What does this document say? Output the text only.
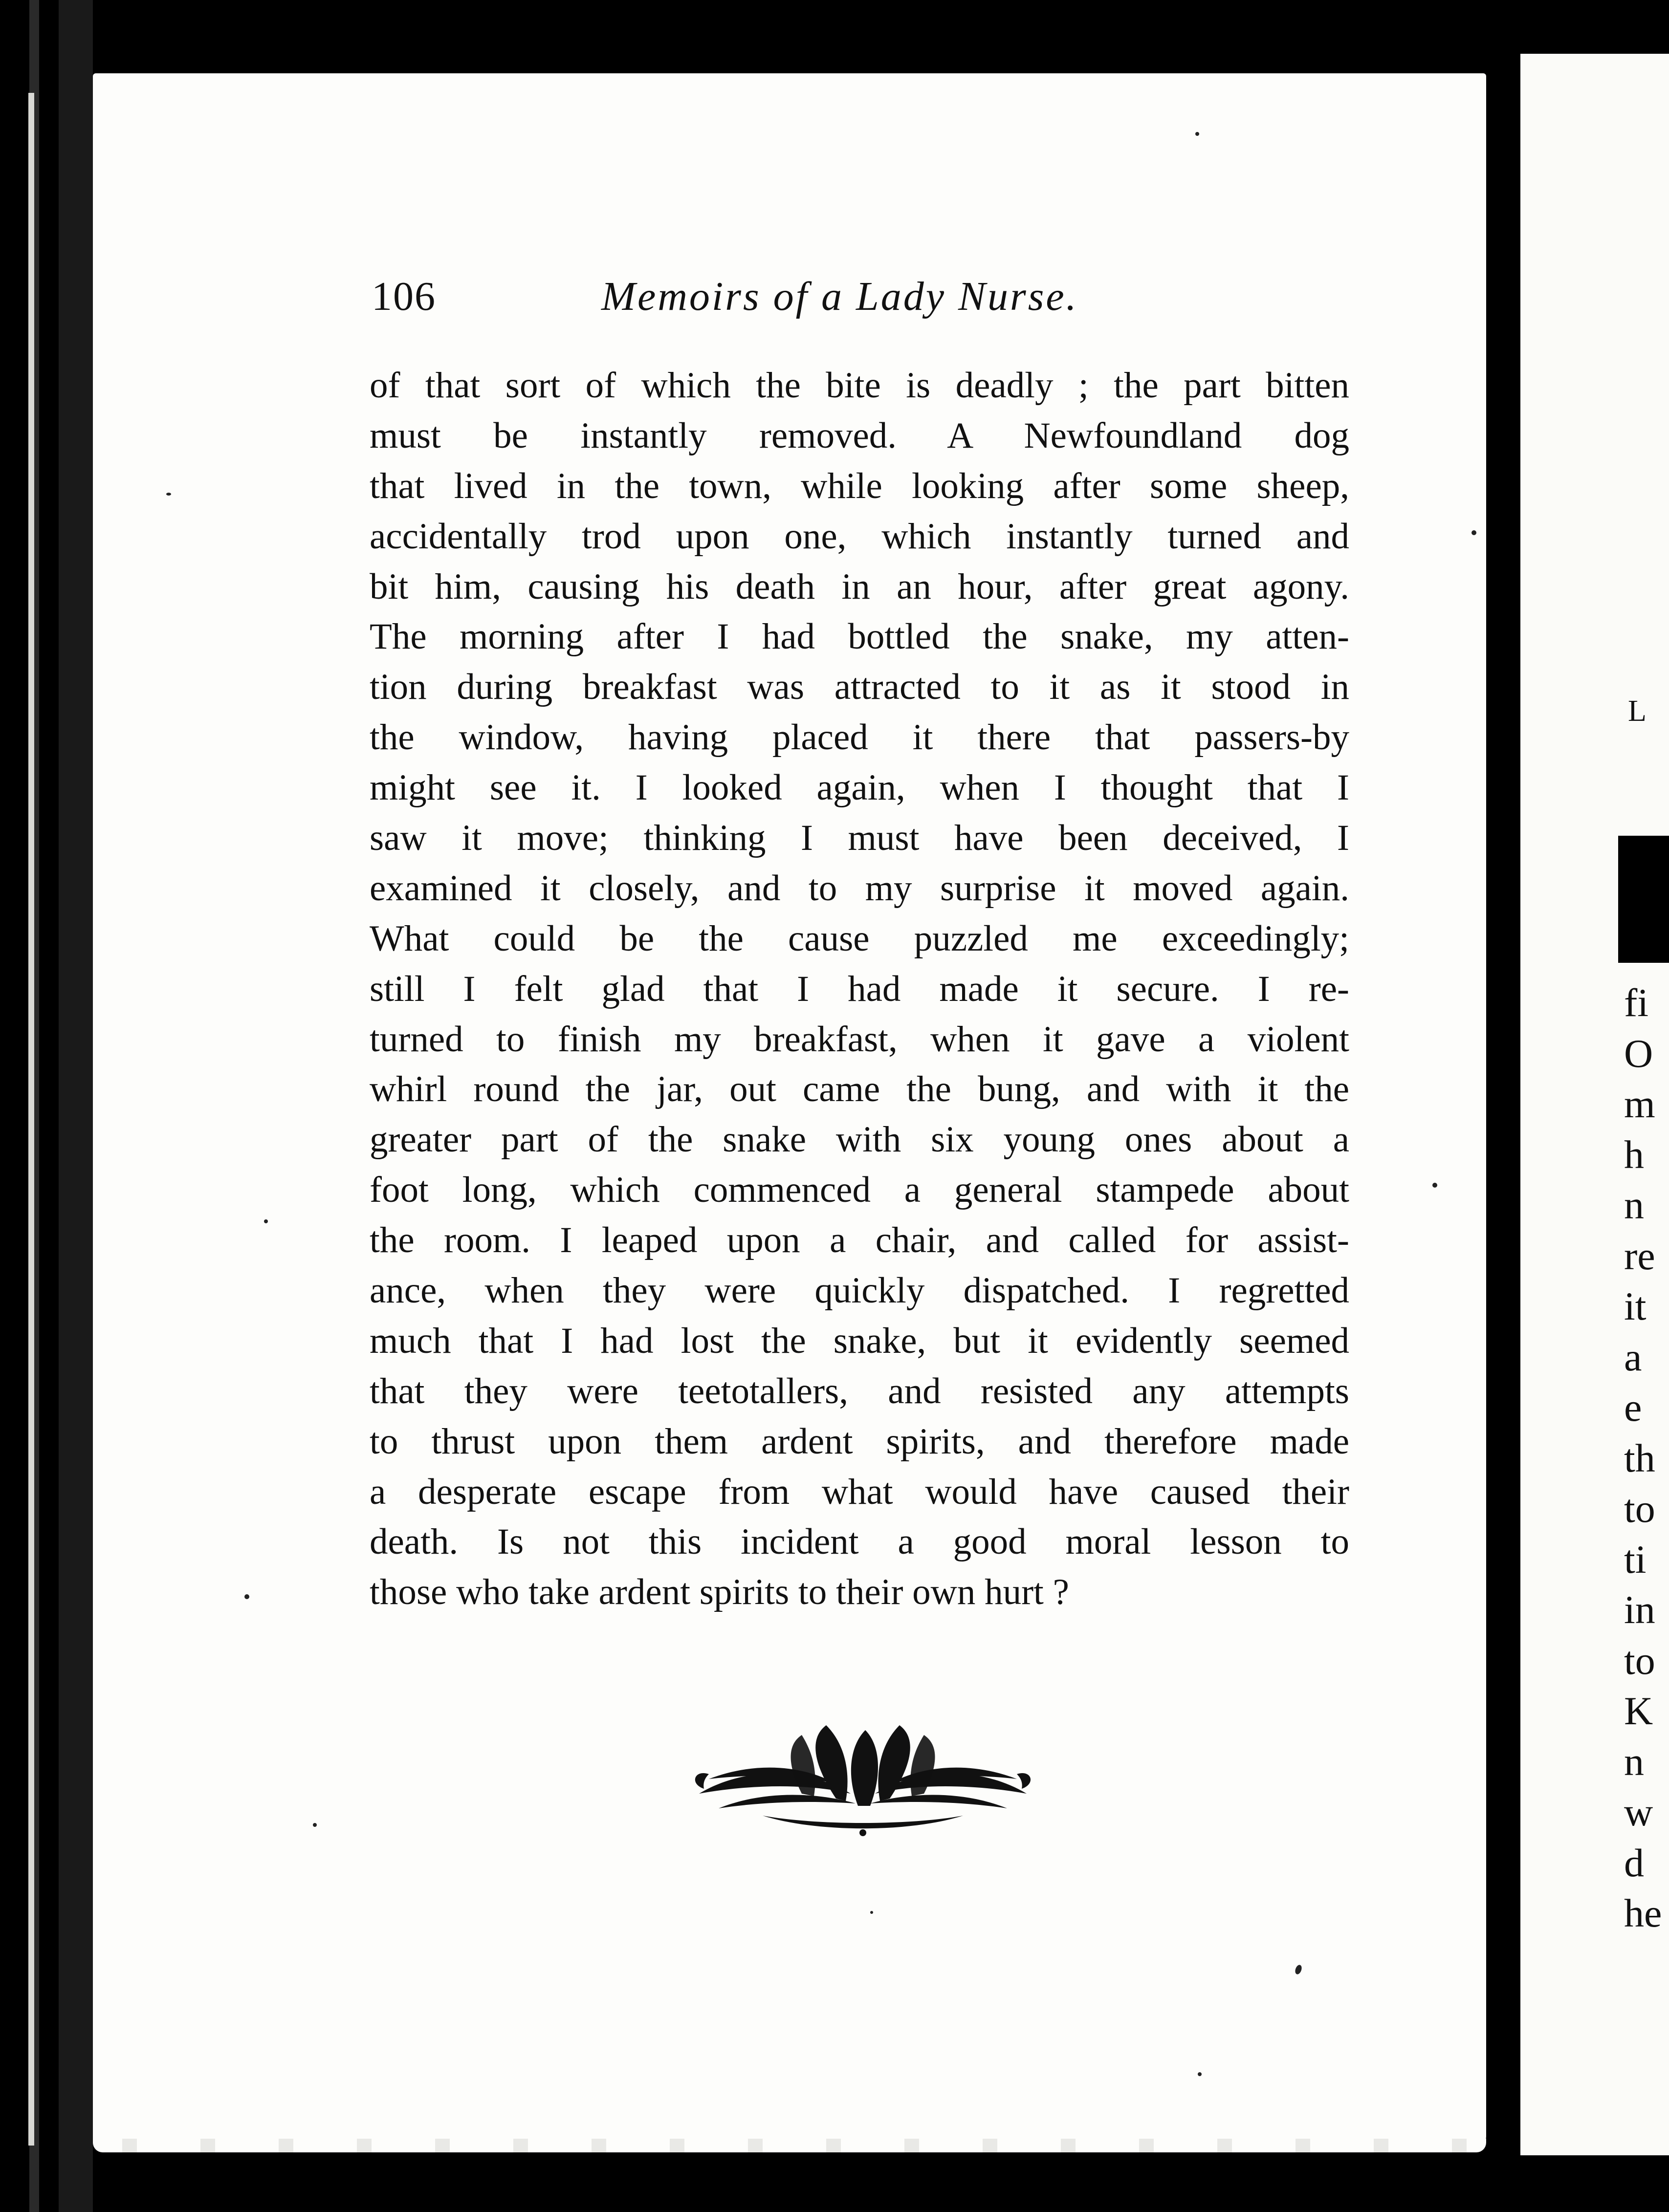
L
fi
O
m
h
n
re
it
a
e
th
to
ti
in
to
K
n
w
d
he
106	Memoirs of a Lady Nurse.
of that sort of which the bite is deadly ; the part bitten
must be instantly removed. A Newfoundland dog
that lived in the town, while looking after some sheep,
accidentally trod upon one, which instantly turned and
bit him, causing his death in an hour, after great agony.
The morning after I had bottled the snake, my atten-
tion during breakfast was attracted to it as it stood in
the window, having placed it there that passers-by
might see it. I looked again, when I thought that I
saw it move; thinking I must have been deceived, I
examined it closely, and to my surprise it moved again.
What could be the cause puzzled me exceedingly;
still I felt glad that I had made it secure. I re-
turned to finish my breakfast, when it gave a violent
whirl round the jar, out came the bung, and with it the
greater part of the snake with six young ones about a
foot long, which commenced a general stampede about
the room. I leaped upon a chair, and called for assist-
ance, when they were quickly dispatched. I regretted
much that I had lost the snake, but it evidently seemed
that they were teetotallers, and resisted any attempts
to thrust upon them ardent spirits, and therefore made
a desperate escape from what would have caused their
death. Is not this incident a good moral lesson to
those who take ardent spirits to their own hurt ?
